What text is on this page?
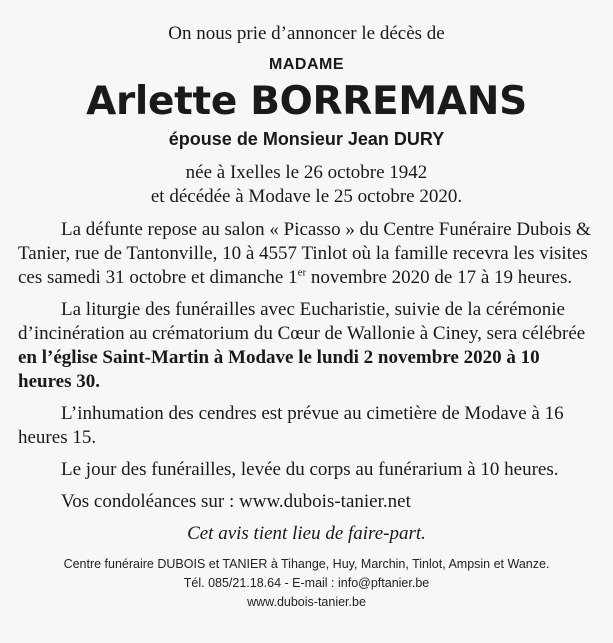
On nous prie d’annoncer le décès de
MADAME
Arlette BORREMANS
épouse de Monsieur Jean DURY
née à Ixelles le 26 octobre 1942
et décédée à Modave le 25 octobre 2020.

La défunte repose au salon « Picasso » du Centre Funéraire Dubois & Tanier, rue de Tantonville, 10 à 4557 Tinlot où la famille recevra les visites ces samedi 31 octobre et dimanche 1er novembre 2020 de 17 à 19 heures.

La liturgie des funérailles avec Eucharistie, suivie de la cérémonie d’incinération au crématorium du Cœur de Wallonie à Ciney, sera célébrée en l’église Saint-Martin à Modave le lundi 2 novembre 2020 à 10 heures 30.

L’inhumation des cendres est prévue au cimetière de Modave à 16 heures 15.

Le jour des funérailles, levée du corps au funérarium à 10 heures.

Vos condoléances sur : www.dubois-tanier.net

Cet avis tient lieu de faire-part.
Centre funéraire DUBOIS et TANIER à Tihange, Huy, Marchin, Tinlot, Ampsin et Wanze.
Tél. 085/21.18.64 - E-mail : info@pftanier.be
www.dubois-tanier.be
